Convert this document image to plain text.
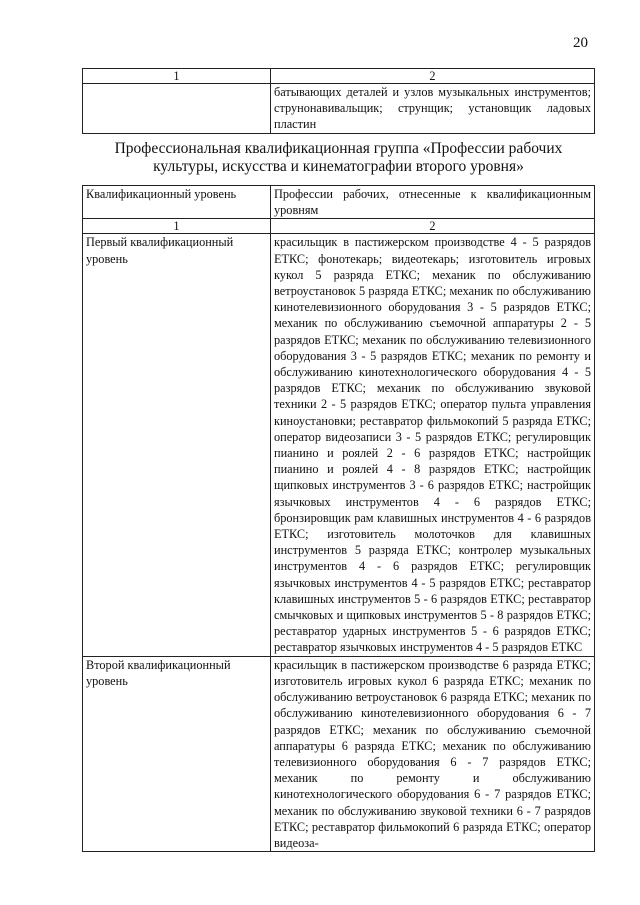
20
1	2
	батывающих деталей и узлов музыкальных инструментов; струнонавивальщик; струнщик; установщик ладовых пластин
Профессиональная квалификационная группа «Профессии рабочих культуры, искусства и кинематографии второго уровня»
Квалификационный уровень	Профессии рабочих, отнесенные к квалификационным уровням
1	2
Первый квалификационный уровень	красильщик в пастижерском производстве 4 - 5 разрядов ЕТКС; фонотекарь; видеотекарь; изготовитель игровых кукол 5 разряда ЕТКС; механик по обслуживанию ветроустановок 5 разряда ЕТКС; механик по обслуживанию кинотелевизионного оборудования 3 - 5 разрядов ЕТКС; механик по обслуживанию съемочной аппаратуры 2 - 5 разрядов ЕТКС; механик по обслуживанию телевизионного оборудования 3 - 5 разрядов ЕТКС; механик по ремонту и обслуживанию кинотехнологического оборудования 4 - 5 разрядов ЕТКС; механик по обслуживанию звуковой техники 2 - 5 разрядов ЕТКС; оператор пульта управления киноустановки; реставратор фильмокопий 5 разряда ЕТКС; оператор видеозаписи 3 - 5 разрядов ЕТКС; регулировщик пианино и роялей 2 - 6 разрядов ЕТКС; настройщик пианино и роялей 4 - 8 разрядов ЕТКС; настройщик щипковых инструментов 3 - 6 разрядов ЕТКС; настройщик язычковых инструментов 4 - 6 разрядов ЕТКС; бронзировщик рам клавишных инструментов 4 - 6 разрядов ЕТКС; изготовитель молоточков для клавишных инструментов 5 разряда ЕТКС; контролер музыкальных инструментов 4 - 6 разрядов ЕТКС; регулировщик язычковых инструментов 4 - 5 разрядов ЕТКС; реставратор клавишных инструментов 5 - 6 разрядов ЕТКС; реставратор смычковых и щипковых инструментов 5 - 8 разрядов ЕТКС; реставратор ударных инструментов 5 - 6 разрядов ЕТКС; реставратор язычковых инструментов 4 - 5 разрядов ЕТКС
Второй квалификационный уровень	красильщик в пастижерском производстве 6 разряда ЕТКС; изготовитель игровых кукол 6 разряда ЕТКС; механик по обслуживанию ветроустановок 6 разряда ЕТКС; механик по обслуживанию кинотелевизионного оборудования 6 - 7 разрядов ЕТКС; механик по обслуживанию съемочной аппаратуры 6 разряда ЕТКС; механик по обслуживанию телевизионного оборудования 6 - 7 разрядов ЕТКС; механик по ремонту и обслуживанию кинотехнологического оборудования 6 - 7 разрядов ЕТКС; механик по обслуживанию звуковой техники 6 - 7 разрядов ЕТКС; реставратор фильмокопий 6 разряда ЕТКС; оператор видеоза-
